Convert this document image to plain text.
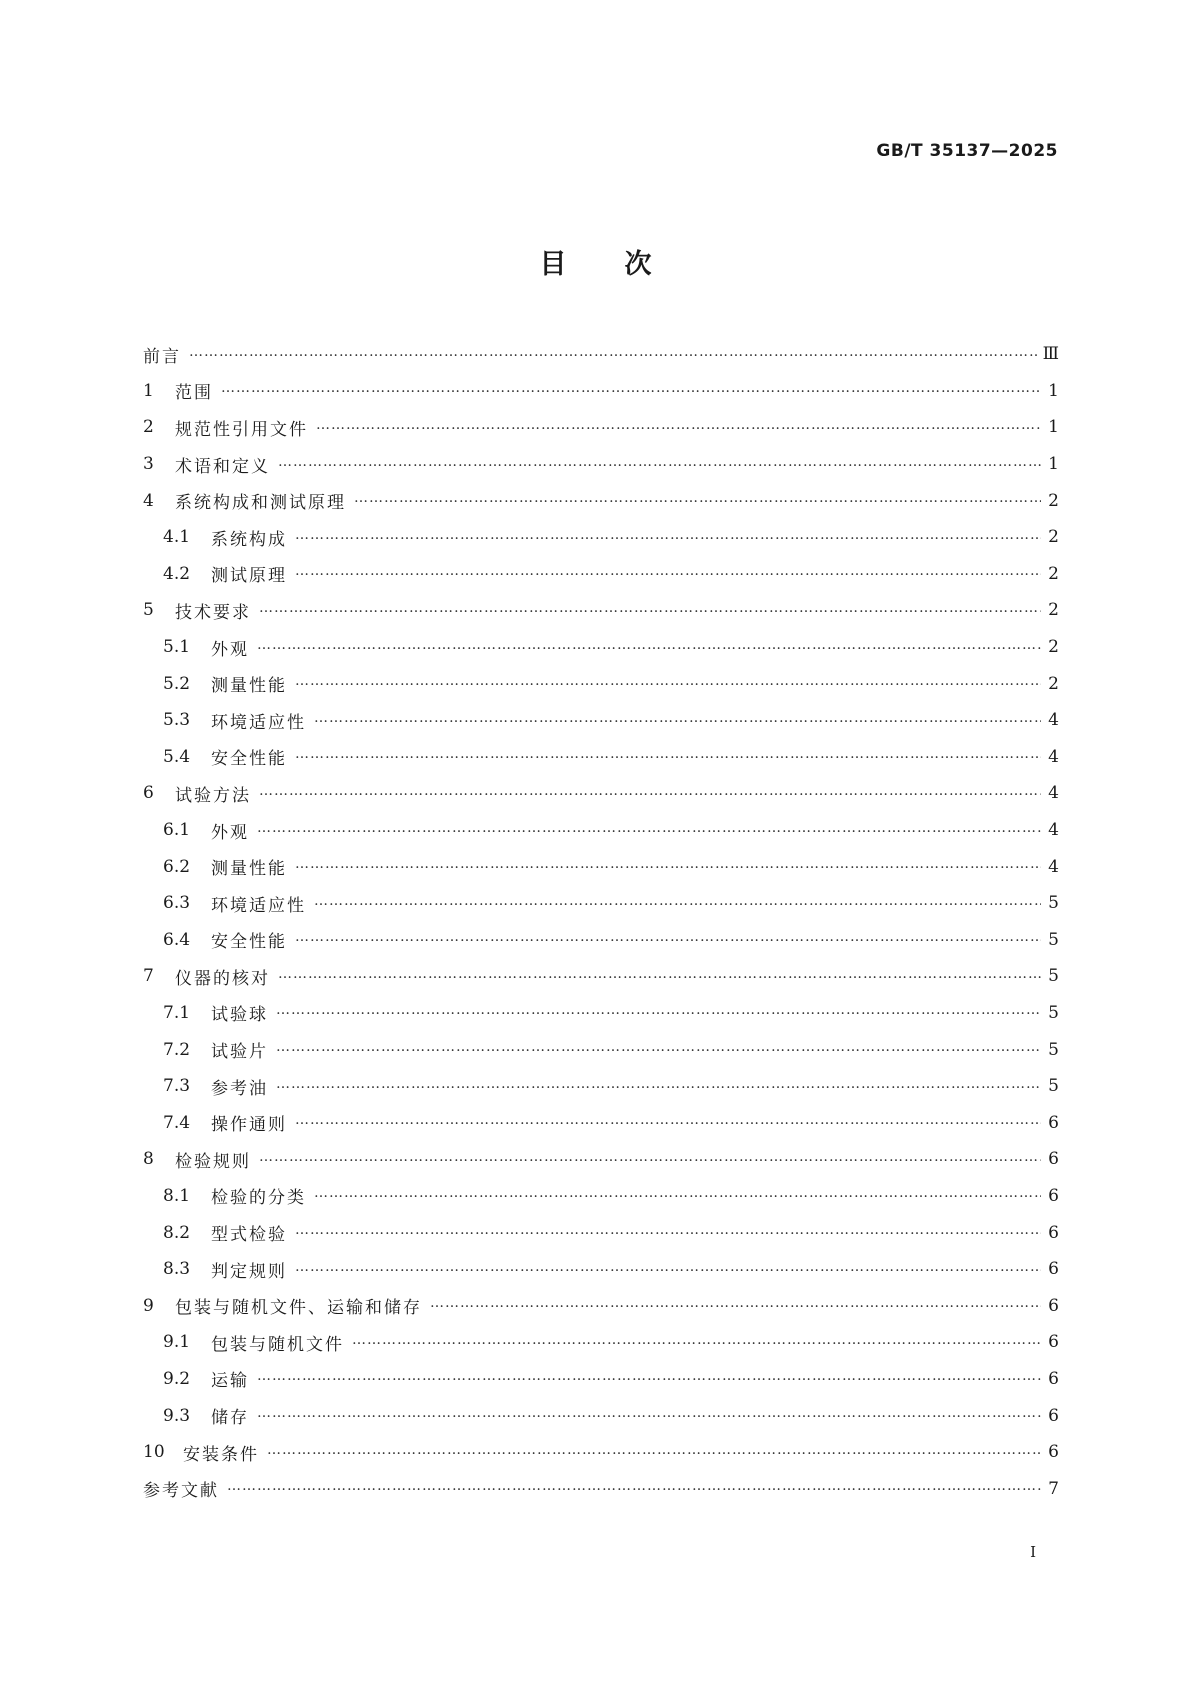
GB/T 35137—2025
目次
前言 …………………………………………………………………………………………………………………………………………………………………………………………………………………………………………	Ⅲ
1	范围 …………………………………………………………………………………………………………………………………………………………………………………………………………………………………………	1
2	规范性引用文件 …………………………………………………………………………………………………………………………………………………………………………………………………………………………………………	1
3	术语和定义 …………………………………………………………………………………………………………………………………………………………………………………………………………………………………………	1
4	系统构成和测试原理 …………………………………………………………………………………………………………………………………………………………………………………………………………………………………………	2
4.1	系统构成 …………………………………………………………………………………………………………………………………………………………………………………………………………………………………………	2
4.2	测试原理 …………………………………………………………………………………………………………………………………………………………………………………………………………………………………………	2
5	技术要求 …………………………………………………………………………………………………………………………………………………………………………………………………………………………………………	2
5.1	外观 …………………………………………………………………………………………………………………………………………………………………………………………………………………………………………	2
5.2	测量性能 …………………………………………………………………………………………………………………………………………………………………………………………………………………………………………	2
5.3	环境适应性 …………………………………………………………………………………………………………………………………………………………………………………………………………………………………………	4
5.4	安全性能 …………………………………………………………………………………………………………………………………………………………………………………………………………………………………………	4
6	试验方法 …………………………………………………………………………………………………………………………………………………………………………………………………………………………………………	4
6.1	外观 …………………………………………………………………………………………………………………………………………………………………………………………………………………………………………	4
6.2	测量性能 …………………………………………………………………………………………………………………………………………………………………………………………………………………………………………	4
6.3	环境适应性 …………………………………………………………………………………………………………………………………………………………………………………………………………………………………………	5
6.4	安全性能 …………………………………………………………………………………………………………………………………………………………………………………………………………………………………………	5
7	仪器的核对 …………………………………………………………………………………………………………………………………………………………………………………………………………………………………………	5
7.1	试验球 …………………………………………………………………………………………………………………………………………………………………………………………………………………………………………	5
7.2	试验片 …………………………………………………………………………………………………………………………………………………………………………………………………………………………………………	5
7.3	参考油 …………………………………………………………………………………………………………………………………………………………………………………………………………………………………………	5
7.4	操作通则 …………………………………………………………………………………………………………………………………………………………………………………………………………………………………………	6
8	检验规则 …………………………………………………………………………………………………………………………………………………………………………………………………………………………………………	6
8.1	检验的分类 …………………………………………………………………………………………………………………………………………………………………………………………………………………………………………	6
8.2	型式检验 …………………………………………………………………………………………………………………………………………………………………………………………………………………………………………	6
8.3	判定规则 …………………………………………………………………………………………………………………………………………………………………………………………………………………………………………	6
9	包装与随机文件、运输和储存 …………………………………………………………………………………………………………………………………………………………………………………………………………………………………………	6
9.1	包装与随机文件 …………………………………………………………………………………………………………………………………………………………………………………………………………………………………………	6
9.2	运输 …………………………………………………………………………………………………………………………………………………………………………………………………………………………………………	6
9.3	储存 …………………………………………………………………………………………………………………………………………………………………………………………………………………………………………	6
10	安装条件 …………………………………………………………………………………………………………………………………………………………………………………………………………………………………………	6
参考文献 …………………………………………………………………………………………………………………………………………………………………………………………………………………………………………	7
I
